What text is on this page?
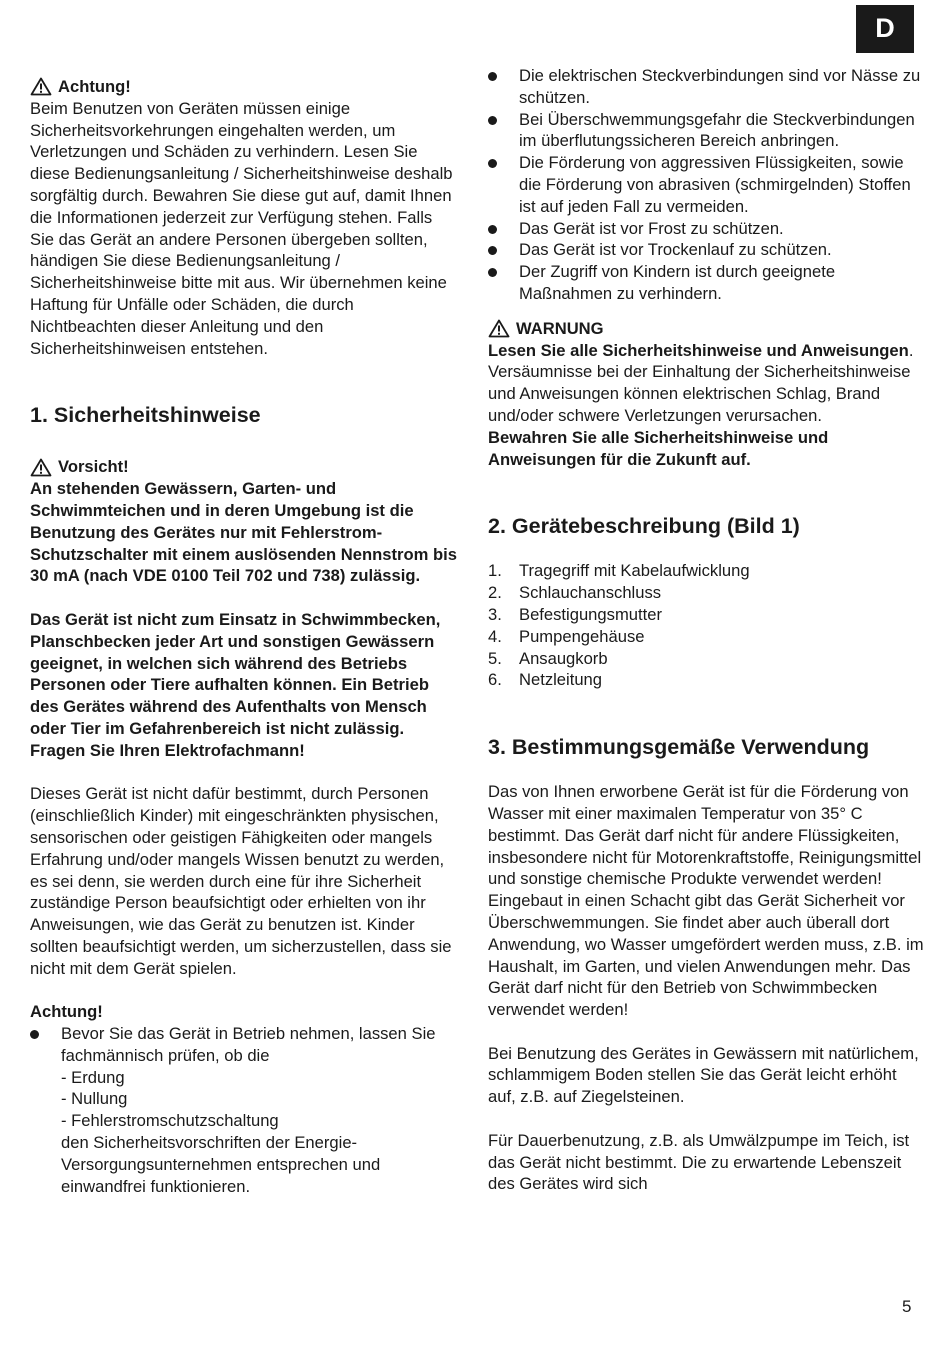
D
Achtung!

Beim Benutzen von Geräten müssen einige Sicherheitsvorkehrungen eingehalten werden, um Verletzungen und Schäden zu verhindern. Lesen Sie diese Bedienungsanleitung / Sicherheitshinweise deshalb sorgfältig durch. Bewahren Sie diese gut auf, damit Ihnen die Informationen jederzeit zur Verfügung stehen. Falls Sie das Gerät an andere Personen übergeben sollten, händigen Sie diese Bedienungsanleitung / Sicherheitshinweise bitte mit aus. Wir übernehmen keine Haftung für Unfälle oder Schäden, die durch Nichtbeachten dieser Anleitung und den Sicherheitshinweisen entstehen.

1. Sicherheitshinweise
Vorsicht!

An stehenden Gewässern, Garten- und Schwimmteichen und in deren Umgebung ist die Benutzung des Gerätes nur mit Fehlerstrom-Schutzschalter mit einem auslösenden Nennstrom bis 30 mA (nach VDE 0100 Teil 702 und 738) zulässig.

Das Gerät ist nicht zum Einsatz in Schwimmbecken, Planschbecken jeder Art und sonstigen Gewässern geeignet, in welchen sich während des Betriebs Personen oder Tiere aufhalten können. Ein Betrieb des Gerätes während des Aufenthalts von Mensch oder Tier im Gefahrenbereich ist nicht zulässig. Fragen Sie Ihren Elektrofachmann!

Dieses Gerät ist nicht dafür bestimmt, durch Personen (einschließlich Kinder) mit eingeschränkten physischen, sensorischen oder geistigen Fähigkeiten oder mangels Erfahrung und/oder mangels Wissen benutzt zu werden, es sei denn, sie werden durch eine für ihre Sicherheit zuständige Person beaufsichtigt oder erhielten von ihr Anweisungen, wie das Gerät zu benutzen ist. Kinder sollten beaufsichtigt werden, um sicherzustellen, dass sie nicht mit dem Gerät spielen.

Achtung!

Bevor Sie das Gerät in Betrieb nehmen, lassen Sie fachmännisch prüfen, ob die
- Erdung
- Nullung
- Fehlerstromschutzschaltung
den Sicherheitsvorschriften der Energie-Versorgungsunternehmen entsprechen und einwandfrei funktionieren.
Die elektrischen Steckverbindungen sind vor Nässe zu schützen.
Bei Überschwemmungsgefahr die Steckverbindungen im überflutungssicheren Bereich anbringen.
Die Förderung von aggressiven Flüssigkeiten, sowie die Förderung von abrasiven (schmirgelnden) Stoffen ist auf jeden Fall zu vermeiden.
Das Gerät ist vor Frost zu schützen.
Das Gerät ist vor Trockenlauf zu schützen.
Der Zugriff von Kindern ist durch geeignete Maßnahmen zu verhindern.
WARNUNG

Lesen Sie alle Sicherheitshinweise und Anweisungen. Versäumnisse bei der Einhaltung der Sicherheitshinweise und Anweisungen können elektrischen Schlag, Brand und/oder schwere Verletzungen verursachen.

Bewahren Sie alle Sicherheitshinweise und Anweisungen für die Zukunft auf.

2. Gerätebeschreibung (Bild 1)
1.	Tragegriff mit Kabelaufwicklung
2.	Schlauchanschluss
3.	Befestigungsmutter
4.	Pumpengehäuse
5.	Ansaugkorb
6.	Netzleitung
3. Bestimmungsgemäße Verwendung

Das von Ihnen erworbene Gerät ist für die Förderung von Wasser mit einer maximalen Temperatur von 35° C bestimmt. Das Gerät darf nicht für andere Flüssigkeiten, insbesondere nicht für Motorenkraftstoffe, Reinigungsmittel und sonstige chemische Produkte verwendet werden! Eingebaut in einen Schacht gibt das Gerät Sicherheit vor Überschwemmungen. Sie findet aber auch überall dort Anwendung, wo Wasser umgefördert werden muss, z.B. im Haushalt, im Garten, und vielen Anwendungen mehr. Das Gerät darf nicht für den Betrieb von Schwimmbecken verwendet werden!

Bei Benutzung des Gerätes in Gewässern mit natürlichem, schlammigem Boden stellen Sie das Gerät leicht erhöht auf, z.B. auf Ziegelsteinen.

Für Dauerbenutzung, z.B. als Umwälzpumpe im Teich, ist das Gerät nicht bestimmt. Die zu erwartende Lebenszeit des Gerätes wird sich

5
